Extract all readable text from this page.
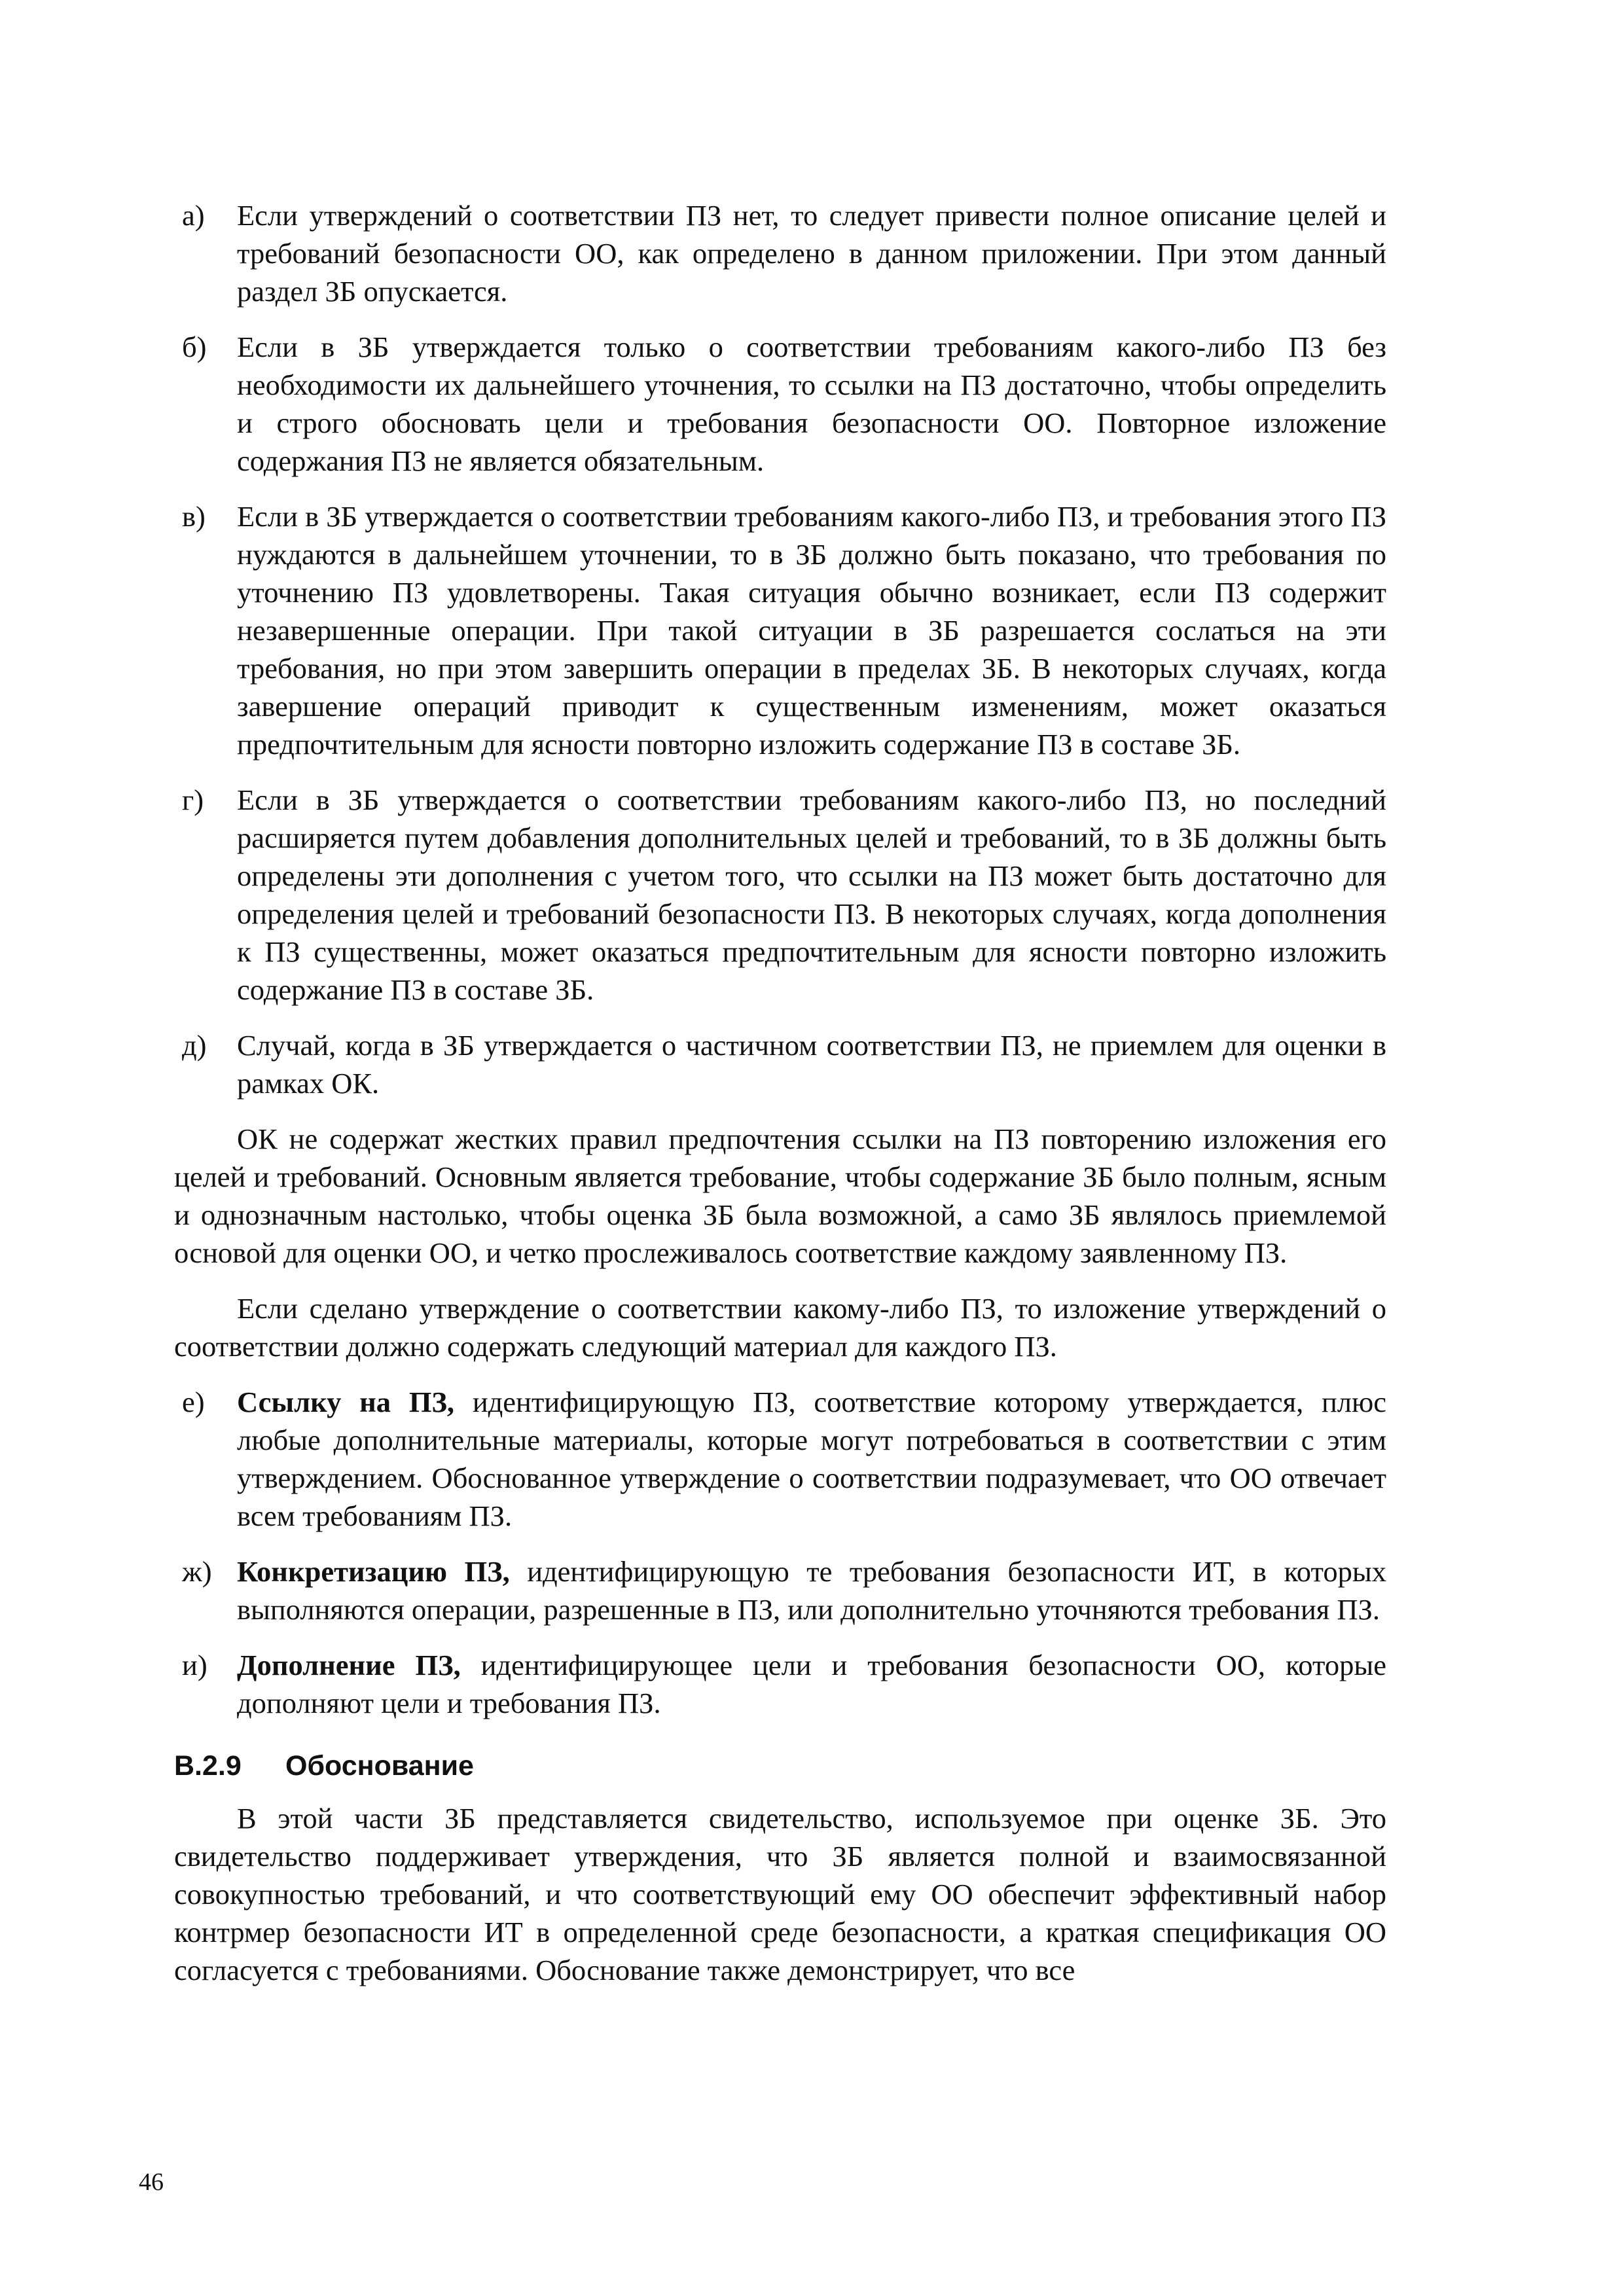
а)	Если утверждений о соответствии ПЗ нет, то следует привести полное описание целей и требований безопасности ОО, как определено в данном приложении. При этом данный раздел ЗБ опускается.
б)	Если в ЗБ утверждается только о соответствии требованиям какого-либо ПЗ без необходимости их дальнейшего уточнения, то ссылки на ПЗ достаточно, чтобы определить и строго обосновать цели и требования безопасности ОО. Повторное изложение содержания ПЗ не является обязательным.
в)	Если в ЗБ утверждается о соответствии требованиям какого-либо ПЗ, и требования этого ПЗ нуждаются в дальнейшем уточнении, то в ЗБ должно быть показано, что требования по уточнению ПЗ удовлетворены. Такая ситуация обычно возникает, если ПЗ содержит незавершенные операции. При такой ситуации в ЗБ разрешается сослаться на эти требования, но при этом завершить операции в пределах ЗБ. В некоторых случаях, когда завершение операций приводит к существенным изменениям, может оказаться предпочтительным для ясности повторно изложить содержание ПЗ в составе ЗБ.
г)	Если в ЗБ утверждается о соответствии требованиям какого-либо ПЗ, но последний расширяется путем добавления дополнительных целей и требований, то в ЗБ должны быть определены эти дополнения с учетом того, что ссылки на ПЗ может быть достаточно для определения целей и требований безопасности ПЗ. В некоторых случаях, когда дополнения к ПЗ существенны, может оказаться предпочтительным для ясности повторно изложить содержание ПЗ в составе ЗБ.
д)	Случай, когда в ЗБ утверждается о частичном соответствии ПЗ, не приемлем для оценки в рамках ОК.
ОК не содержат жестких правил предпочтения ссылки на ПЗ повторению изложения его целей и требований. Основным является требование, чтобы содержание ЗБ было полным, ясным и однозначным настолько, чтобы оценка ЗБ была возможной, а само ЗБ являлось приемлемой основой для оценки ОО, и четко прослеживалось соответствие каждому заявленному ПЗ.
Если сделано утверждение о соответствии какому-либо ПЗ, то изложение утверждений о соответствии должно содержать следующий материал для каждого ПЗ.
е)	Ссылку на ПЗ, идентифицирующую ПЗ, соответствие которому утверждается, плюс любые дополнительные материалы, которые могут потребоваться в соответствии с этим утверждением. Обоснованное утверждение о соответствии подразумевает, что ОО отвечает всем требованиям ПЗ.
ж) Конкретизацию ПЗ, идентифицирующую те требования безопасности ИТ, в которых выполняются операции, разрешенные в ПЗ, или дополнительно уточняются требования ПЗ.
и)	Дополнение ПЗ, идентифицирующее цели и требования безопасности ОО, которые дополняют цели и требования ПЗ.
B.2.9	Обоснование
В этой части ЗБ представляется свидетельство, используемое при оценке ЗБ. Это свидетельство поддерживает утверждения, что ЗБ является полной и взаимосвязанной совокупностью требований, и что соответствующий ему ОО обеспечит эффективный набор контрмер безопасности ИТ в определенной среде безопасности, а краткая спецификация ОО согласуется с требованиями. Обоснование также демонстрирует, что все
46
